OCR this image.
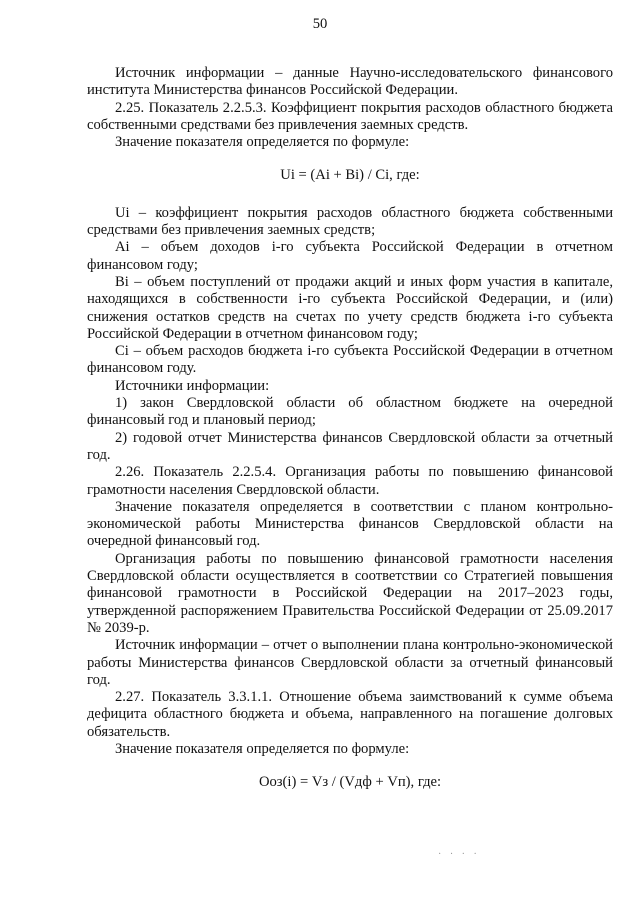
50

Источник информации – данные Научно-исследовательского финансового института Министерства финансов Российской Федерации.

2.25. Показатель 2.2.5.3. Коэффициент покрытия расходов областного бюджета собственными средствами без привлечения заемных средств.

Значение показателя определяется по формуле:

Ui = (Ai + Bi) / Ci, где:

Ui – коэффициент покрытия расходов областного бюджета собственными средствами без привлечения заемных средств;

Ai – объем доходов i-го субъекта Российской Федерации в отчетном финансовом году;

Bi – объем поступлений от продажи акций и иных форм участия в капитале, находящихся в собственности i-го субъекта Российской Федерации, и (или) снижения остатков средств на счетах по учету средств бюджета i-го субъекта Российской Федерации в отчетном финансовом году;

Ci – объем расходов бюджета i-го субъекта Российской Федерации в отчетном финансовом году.

Источники информации:

1) закон Свердловской области об областном бюджете на очередной финансовый год и плановый период;

2) годовой отчет Министерства финансов Свердловской области за отчетный год.

2.26. Показатель 2.2.5.4. Организация работы по повышению финансовой грамотности населения Свердловской области.

Значение показателя определяется в соответствии с планом контрольно-экономической работы Министерства финансов Свердловской области на очередной финансовый год.

Организация работы по повышению финансовой грамотности населения Свердловской области осуществляется в соответствии со Стратегией повышения финансовой грамотности в Российской Федерации на 2017–2023 годы, утвержденной распоряжением Правительства Российской Федерации от 25.09.2017 № 2039-р.

Источник информации – отчет о выполнении плана контрольно-экономической работы Министерства финансов Свердловской области за отчетный финансовый год.

2.27. Показатель 3.3.1.1. Отношение объема заимствований к сумме объема дефицита областного бюджета и объема, направленного на погашение долговых обязательств.

Значение показателя определяется по формуле:

Ооз(i) = Vз / (Vдф + Vп), где:

· · · ·
